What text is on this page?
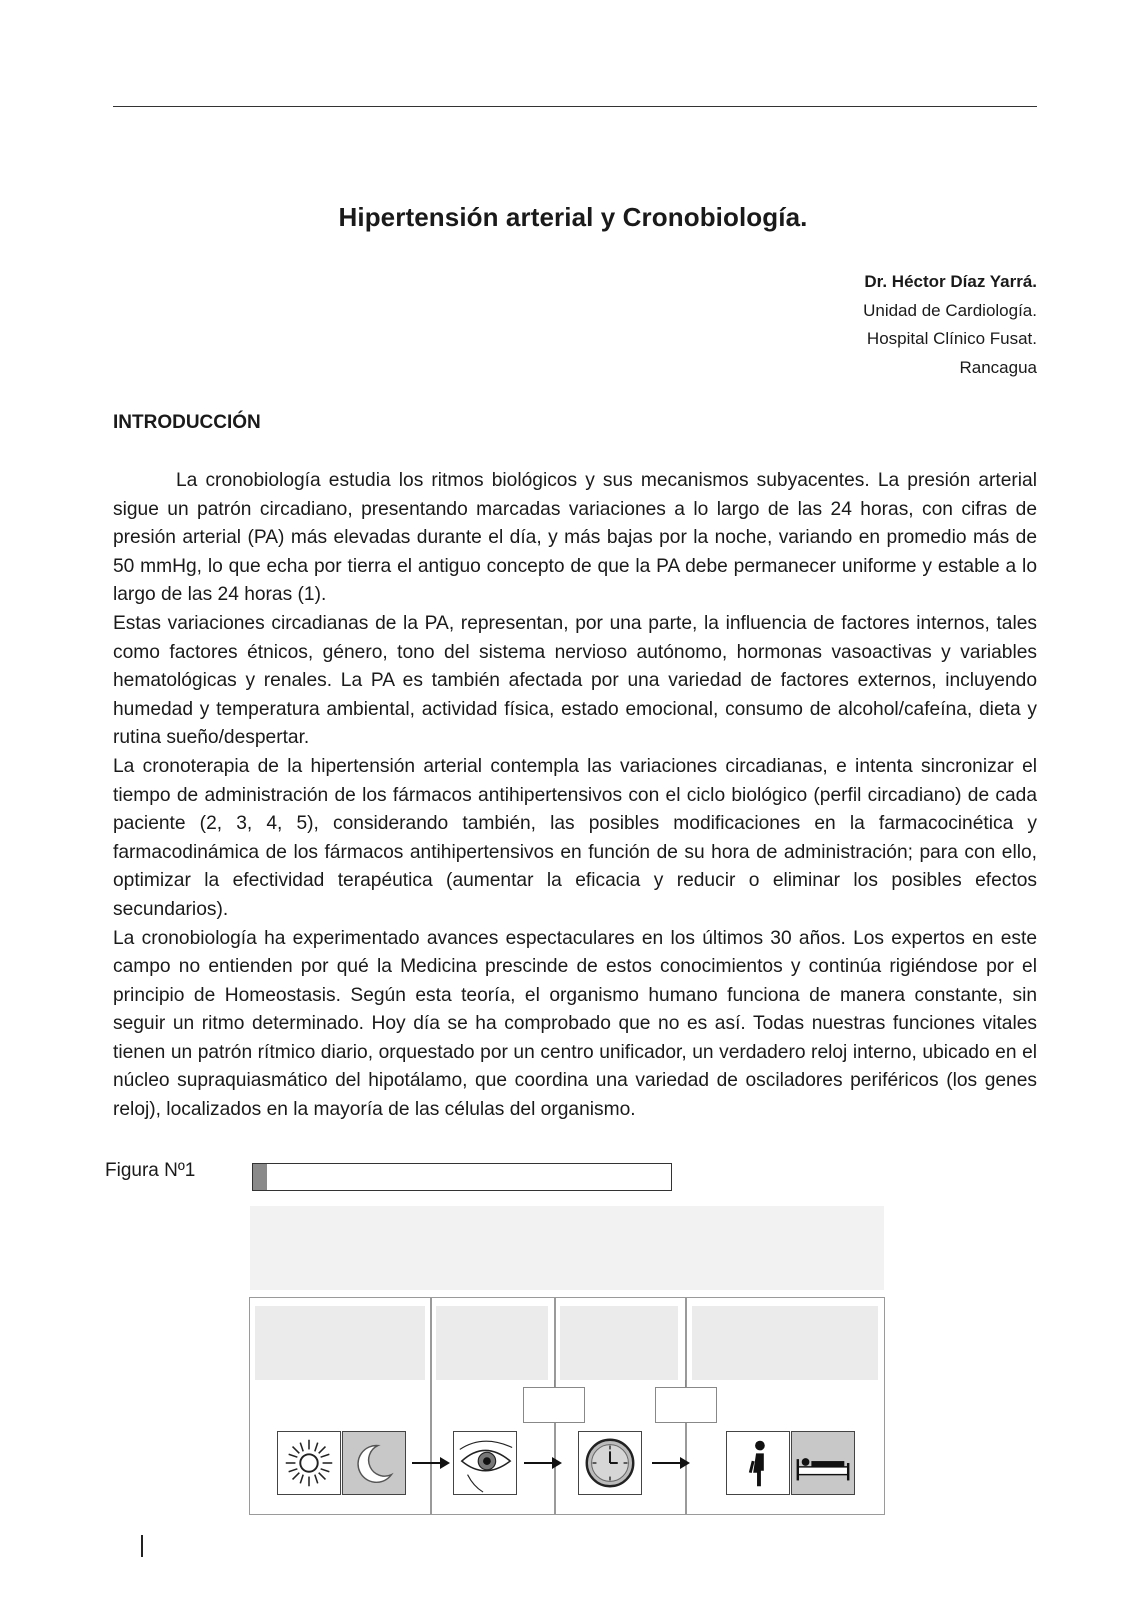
Hipertensión arterial y Cronobiología.
Dr. Héctor Díaz Yarrá.
Unidad de Cardiología.
Hospital Clínico Fusat.
Rancagua
INTRODUCCIÓN

La cronobiología estudia los ritmos biológicos y sus mecanismos subyacentes. La presión arterial sigue un patrón circadiano, presentando marcadas variaciones a lo largo de las 24 horas, con cifras de presión arterial (PA) más elevadas durante el día, y más bajas por la noche, variando en promedio más de 50 mmHg, lo que echa por tierra el antiguo concepto de que la PA debe permanecer uniforme y estable a lo largo de las 24 horas (1).

Estas variaciones circadianas de la PA, representan, por una parte, la influencia de factores internos, tales como factores étnicos, género, tono del sistema nervioso autónomo, hormonas vasoactivas y variables hematológicas y renales. La PA es también afectada por una variedad de factores externos, incluyendo humedad y temperatura ambiental, actividad física, estado emocional, consumo de alcohol/cafeína, dieta y rutina sueño/despertar.

La cronoterapia de la hipertensión arterial contempla las variaciones circadianas, e intenta sincronizar el tiempo de administración de los fármacos antihipertensivos con el ciclo biológico (perfil circadiano) de cada paciente (2, 3, 4, 5), considerando también, las posibles modificaciones en la farmacocinética y farmacodinámica de los fármacos antihipertensivos en función de su hora de administración; para con ello, optimizar la efectividad terapéutica (aumentar la eficacia y reducir o eliminar los posibles efectos secundarios).

La cronobiología ha experimentado avances espectaculares en los últimos 30 años. Los expertos en este campo no entienden por qué la Medicina prescinde de estos conocimientos y continúa rigiéndose por el principio de Homeostasis. Según esta teoría, el organismo humano funciona de manera constante, sin seguir un ritmo determinado. Hoy día se ha comprobado que no es así. Todas nuestras funciones vitales tienen un patrón rítmico diario, orquestado por un centro unificador, un verdadero reloj interno, ubicado en el núcleo supraquiasmático del hipotálamo, que coordina una variedad de osciladores periféricos (los genes reloj), localizados en la mayoría de las células del organismo.

Figura Nº1
